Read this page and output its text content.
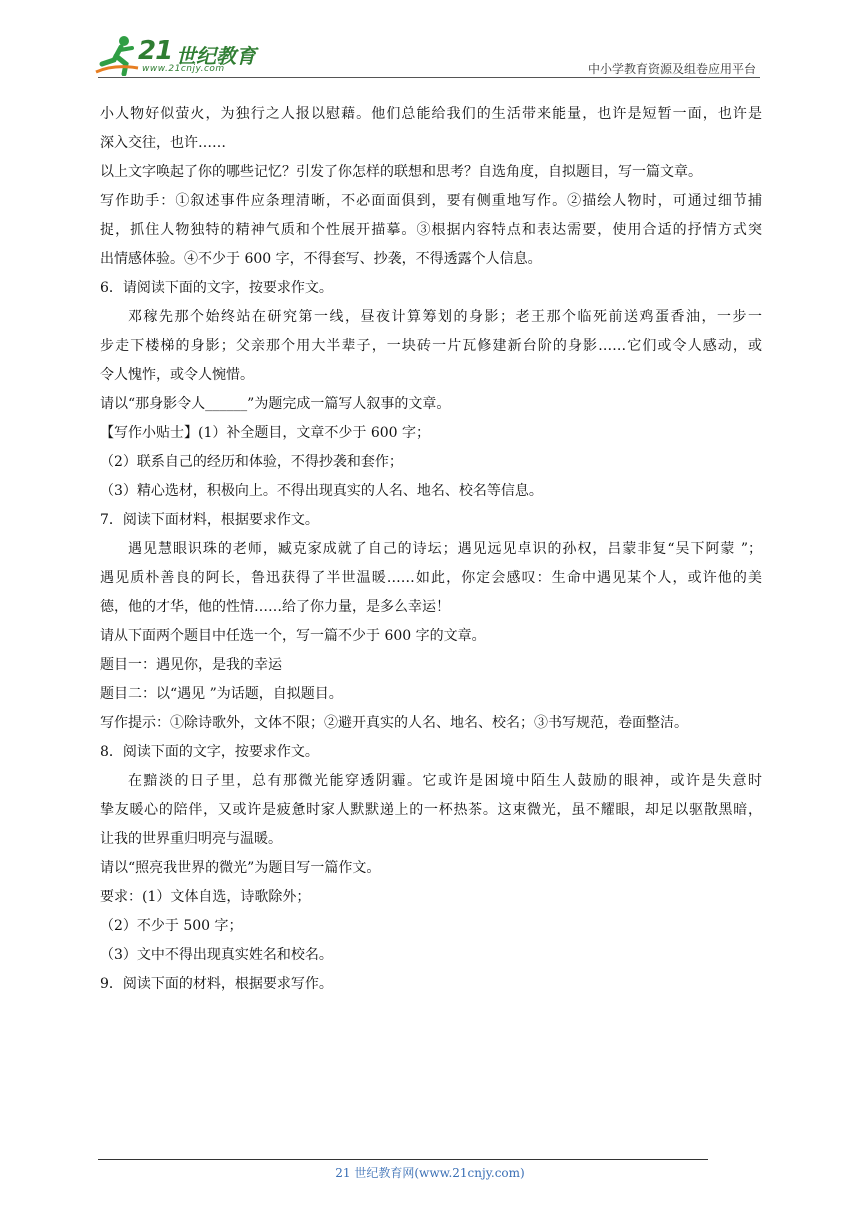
21 世纪教育
www.21cnjy.com	中小学教育资源及组卷应用平台

小人物好似萤火，为独行之人报以慰藉。他们总能给我们的生活带来能量，也许是短暂一面，也许是

深入交往，也许……

以上文字唤起了你的哪些记忆？引发了你怎样的联想和思考？自选角度，自拟题目，写一篇文章。

写作助手：①叙述事件应条理清晰，不必面面俱到，要有侧重地写作。②描绘人物时，可通过细节捕

捉，抓住人物独特的精神气质和个性展开描摹。③根据内容特点和表达需要，使用合适的抒情方式突

出情感体验。④不少于 600 字，不得套写、抄袭，不得透露个人信息。

6．请阅读下面的文字，按要求作文。

邓稼先那个始终站在研究第一线，昼夜计算筹划的身影；老王那个临死前送鸡蛋香油，一步一

步走下楼梯的身影；父亲那个用大半辈子，一块砖一片瓦修建新台阶的身影……它们或令人感动，或

令人愧怍，或令人惋惜。

请以“那身影令人______”为题完成一篇写人叙事的文章。

【写作小贴士】(1）补全题目，文章不少于 600 字；

（2）联系自己的经历和体验，不得抄袭和套作；

（3）精心选材，积极向上。不得出现真实的人名、地名、校名等信息。

7．阅读下面材料，根据要求作文。

遇见慧眼识珠的老师，臧克家成就了自己的诗坛；遇见远见卓识的孙权，吕蒙非复“吴下阿蒙 ”；

遇见质朴善良的阿长，鲁迅获得了半世温暖……如此，你定会感叹：生命中遇见某个人，或许他的美

德，他的才华，他的性情……给了你力量，是多么幸运！

请从下面两个题目中任选一个，写一篇不少于 600 字的文章。

题目一：遇见你，是我的幸运

题目二：以“遇见 ”为话题，自拟题目。

写作提示：①除诗歌外，文体不限；②避开真实的人名、地名、校名；③书写规范，卷面整洁。

8．阅读下面的文字，按要求作文。

在黯淡的日子里，总有那微光能穿透阴霾。它或许是困境中陌生人鼓励的眼神，或许是失意时

挚友暖心的陪伴，又或许是疲惫时家人默默递上的一杯热茶。这束微光，虽不耀眼，却足以驱散黑暗，

让我的世界重归明亮与温暖。

请以“照亮我世界的微光”为题目写一篇作文。

要求：(1）文体自选，诗歌除外；

（2）不少于 500 字；

（3）文中不得出现真实姓名和校名。

9．阅读下面的材料，根据要求写作。

21 世纪教育网(www.21cnjy.com)
